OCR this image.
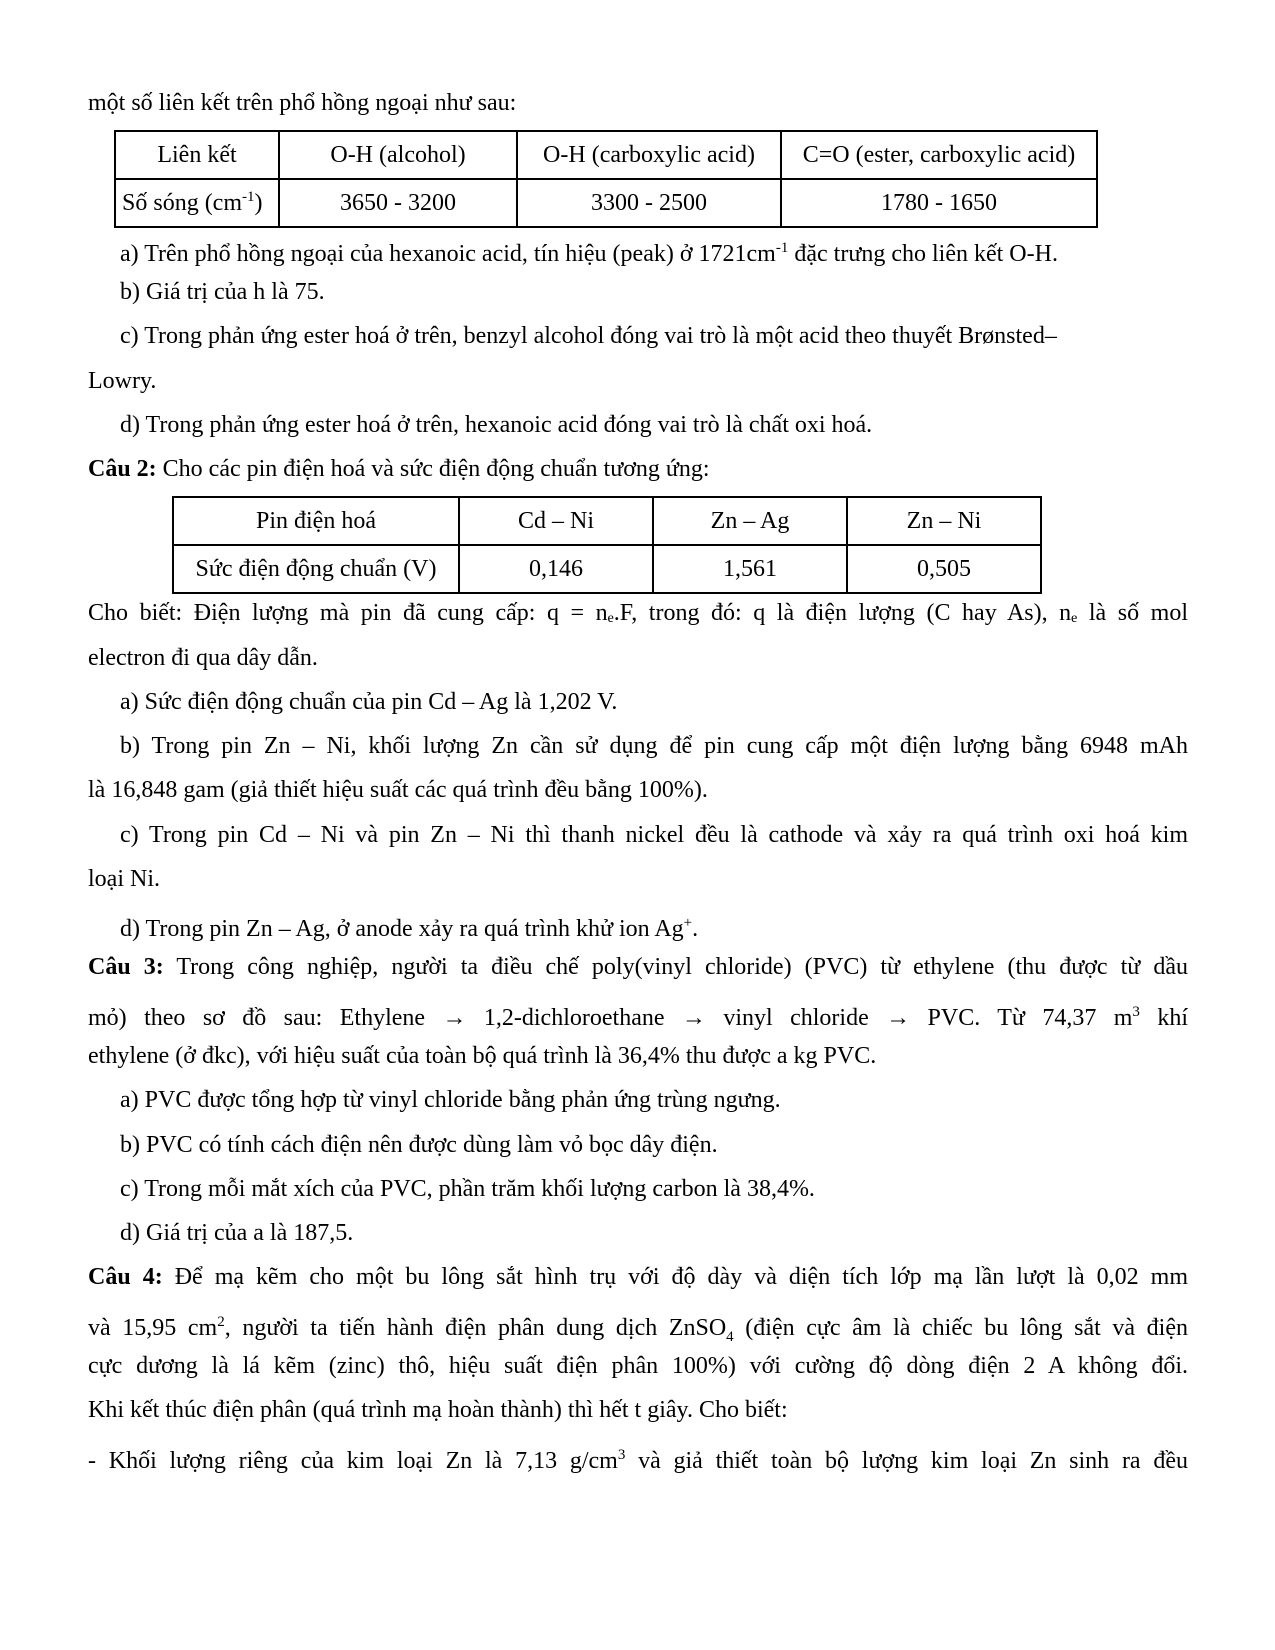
một số liên kết trên phổ hồng ngoại như sau:
Liên kết	O-H (alcohol)	O-H (carboxylic acid)	C=O (ester, carboxylic acid)
Số sóng $(cm^{-1})$	3650 - 3200	3300 - 2500	1780 - 1650
a) Trên phổ hồng ngoại của hexanoic acid, tín hiệu (peak) ở $1721cm^{-1}$ đặc trưng cho liên kết O-H.
b) Giá trị của h là 75.
c) Trong phản ứng ester hoá ở trên, benzyl alcohol đóng vai trò là một acid theo thuyết Brønsted–
Lowry.
d) Trong phản ứng ester hoá ở trên, hexanoic acid đóng vai trò là chất oxi hoá.
Câu 2: Cho các pin điện hoá và sức điện động chuẩn tương ứng:
Pin điện hoá	Cd – Ni	Zn – Ag	Zn – Ni
Sức điện động chuẩn (V)	0,146	1,561	0,505
Cho biết: Điện lượng mà pin đã cung cấp: q = nₑ.F, trong đó: q là điện lượng (C hay As), nₑ là số mol
electron đi qua dây dẫn.
a) Sức điện động chuẩn của pin Cd – Ag là 1,202 V.
b) Trong pin Zn – Ni, khối lượng Zn cần sử dụng để pin cung cấp một điện lượng bằng 6948 mAh
là 16,848 gam (giả thiết hiệu suất các quá trình đều bằng 100%).
c) Trong pin Cd – Ni và pin Zn – Ni thì thanh nickel đều là cathode và xảy ra quá trình oxi hoá kim
loại Ni.
d) Trong pin Zn – Ag, ở anode xảy ra quá trình khử ion Ag+.
Câu 3: Trong công nghiệp, người ta điều chế poly(vinyl chloride) (PVC) từ ethylene (thu được từ dầu
mỏ) theo sơ đồ sau: Ethylene → 1,2-dichloroethane → vinyl chloride → PVC. Từ 74,37 $m^3$ khí
ethylene (ở đkc), với hiệu suất của toàn bộ quá trình là 36,4% thu được a kg PVC.
a) PVC được tổng hợp từ vinyl chloride bằng phản ứng trùng ngưng.
b) PVC có tính cách điện nên được dùng làm vỏ bọc dây điện.
c) Trong mỗi mắt xích của PVC, phần trăm khối lượng carbon là 38,4%.
d) Giá trị của a là 187,5.
Câu 4: Để mạ kẽm cho một bu lông sắt hình trụ với độ dày và diện tích lớp mạ lần lượt là 0,02 mm
và 15,95 $cm^2$, người ta tiến hành điện phân dung dịch ZnSO$_4$ (điện cực âm là chiếc bu lông sắt và điện
cực dương là lá kẽm (zinc) thô, hiệu suất điện phân 100%) với cường độ dòng điện 2 A không đổi.
Khi kết thúc điện phân (quá trình mạ hoàn thành) thì hết t giây. Cho biết:
- Khối lượng riêng của kim loại Zn là 7,13 $g/cm^3$ và giả thiết toàn bộ lượng kim loại Zn sinh ra đều
